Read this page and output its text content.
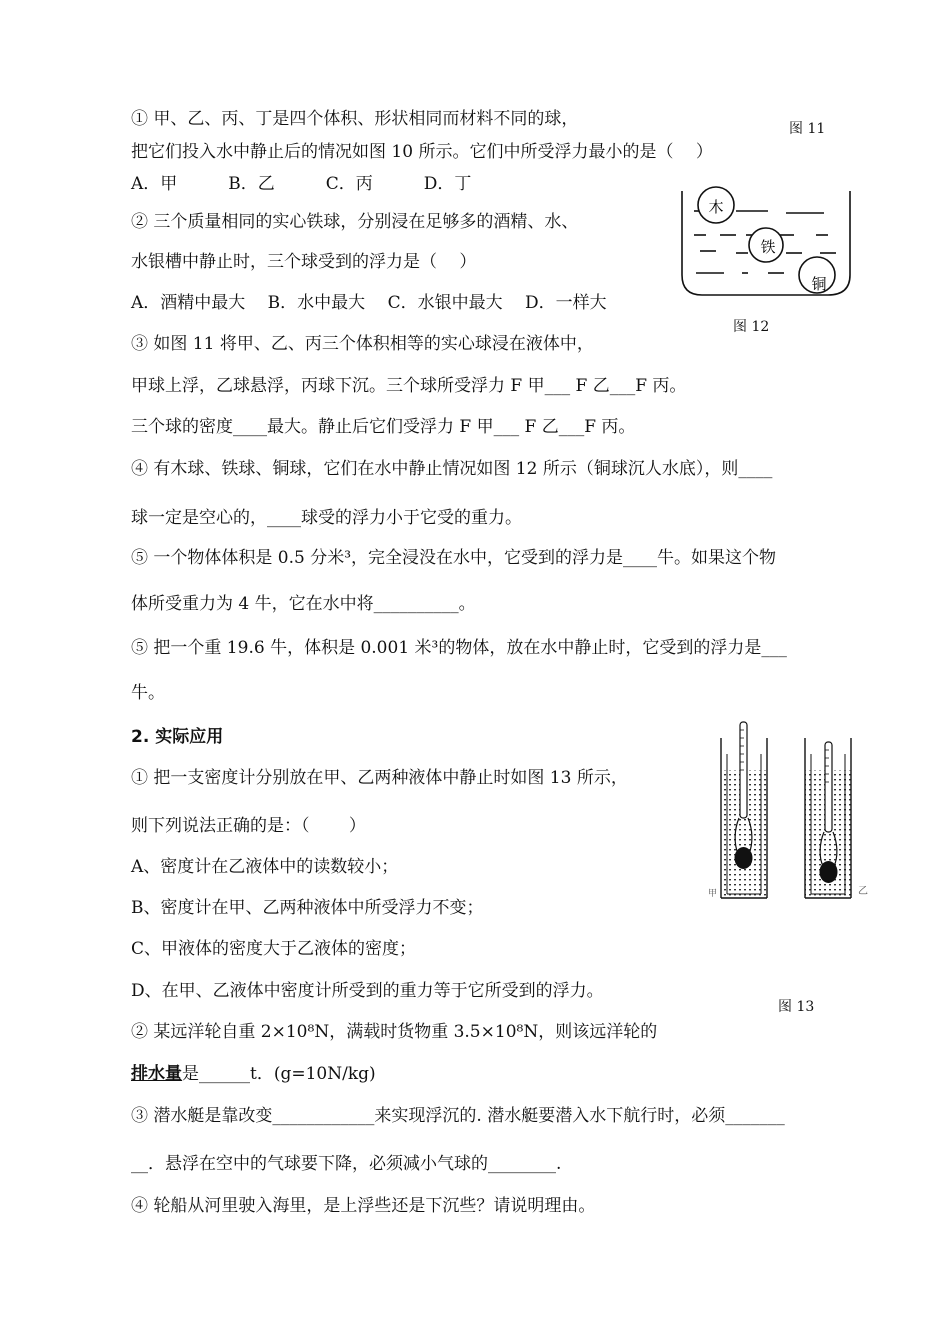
① 甲、乙、丙、丁是四个体积、形状相同而材料不同的球，
把它们投入水中静止后的情况如图 10 所示。它们中所受浮力最小的是（　 ）
A．甲　　　B．乙　　　C．丙　　　D．丁
② 三个质量相同的实心铁球，分别浸在足够多的酒精、水、
水银槽中静止时，三个球受到的浮力是（　 ）
A．酒精中最大　 B．水中最大　 C．水银中最大　 D．一样大
③ 如图 11 将甲、乙、丙三个体积相等的实心球浸在液体中，
甲球上浮，乙球悬浮，丙球下沉。三个球所受浮力 F 甲___ F 乙___F 丙。
三个球的密度____最大。静止后它们受浮力 F 甲___ F 乙___F 丙。
④ 有木球、铁球、铜球，它们在水中静止情况如图 12 所示（铜球沉人水底），则____
球一定是空心的，____球受的浮力小于它受的重力。
⑤ 一个物体体积是 0.5 分米³，完全浸没在水中，它受到的浮力是____牛。如果这个物
体所受重力为 4 牛，它在水中将__________。
⑤ 把一个重 19.6 牛，体积是 0.001 米³的物体，放在水中静止时，它受到的浮力是___
牛。
2. 实际应用
① 把一支密度计分别放在甲、乙两种液体中静止时如图 13 所示，
则下列说法正确的是：（　　 ）
A、密度计在乙液体中的读数较小；
B、密度计在甲、乙两种液体中所受浮力不变；
C、甲液体的密度大于乙液体的密度；
D、在甲、乙液体中密度计所受到的重力等于它所受到的浮力。
② 某远洋轮自重 2×10⁸N，满载时货物重 3.5×10⁸N，则该远洋轮的
排水量是______t．(g=10N/kg)
③ 潜水艇是靠改变____________来实现浮沉的. 潜水艇要潜入水下航行时，必须_______
__．悬浮在空中的气球要下降，必须减小气球的________.
④ 轮船从河里驶入海里，是上浮些还是下沉些？请说明理由。
图 11
图 12
图 13
木
铁
铜
甲	乙
